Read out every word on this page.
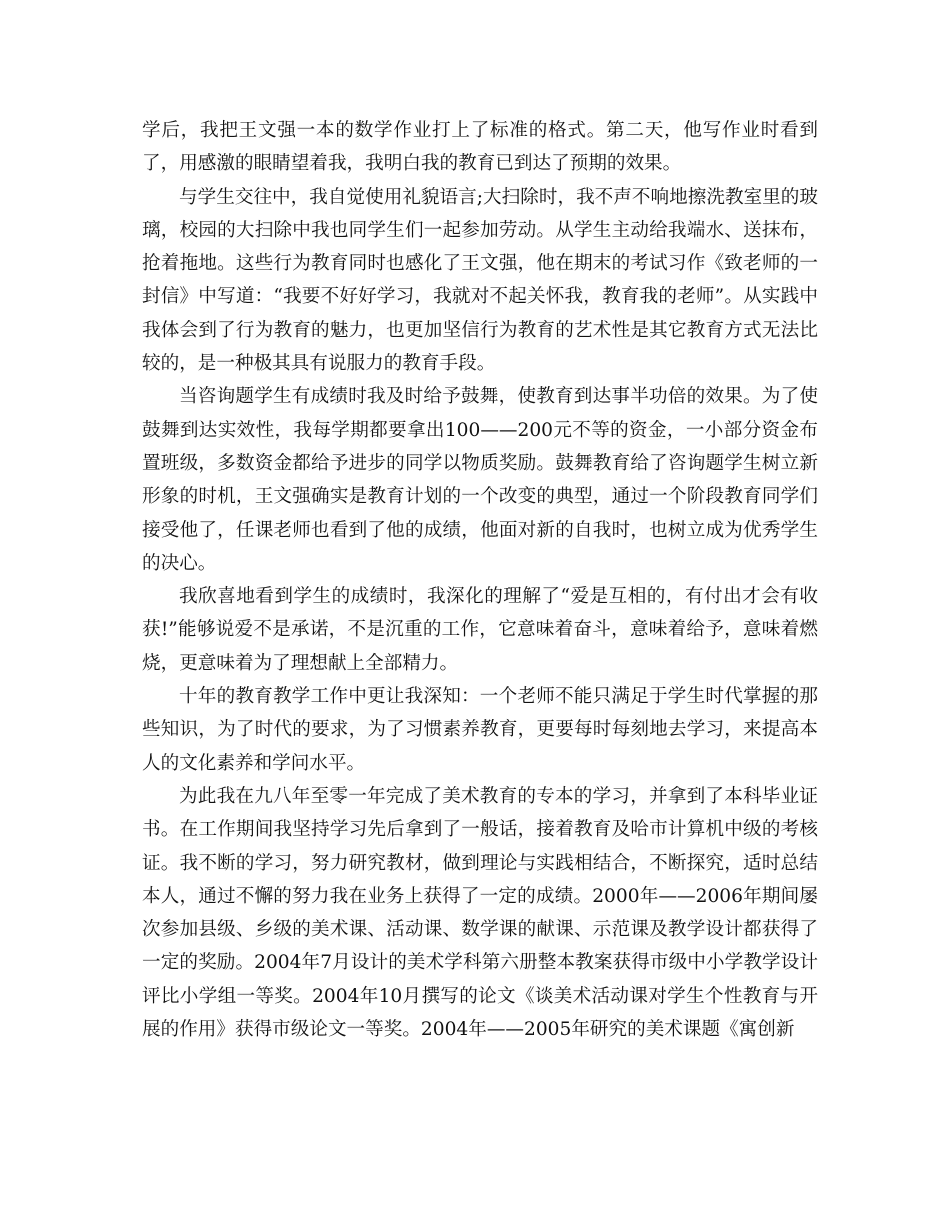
学后，我把王文强一本的数学作业打上了标准的格式。第二天，他写作业时看到了，用感激的眼睛望着我，我明白我的教育已到达了预期的效果。

与学生交往中，我自觉使用礼貌语言;大扫除时，我不声不响地擦洗教室里的玻璃，校园的大扫除中我也同学生们一起参加劳动。从学生主动给我端水、送抹布，抢着拖地。这些行为教育同时也感化了王文强，他在期末的考试习作《致老师的一封信》中写道：“我要不好好学习，我就对不起关怀我，教育我的老师”。从实践中我体会到了行为教育的魅力，也更加坚信行为教育的艺术性是其它教育方式无法比较的，是一种极其具有说服力的教育手段。

当咨询题学生有成绩时我及时给予鼓舞，使教育到达事半功倍的效果。为了使鼓舞到达实效性，我每学期都要拿出100——200元不等的资金，一小部分资金布置班级，多数资金都给予进步的同学以物质奖励。鼓舞教育给了咨询题学生树立新形象的时机，王文强确实是教育计划的一个改变的典型，通过一个阶段教育同学们接受他了，任课老师也看到了他的成绩，他面对新的自我时，也树立成为优秀学生的决心。

我欣喜地看到学生的成绩时，我深化的理解了“爱是互相的，有付出才会有收获!”能够说爱不是承诺，不是沉重的工作，它意味着奋斗，意味着给予，意味着燃烧，更意味着为了理想献上全部精力。

十年的教育教学工作中更让我深知：一个老师不能只满足于学生时代掌握的那些知识，为了时代的要求，为了习惯素养教育，更要每时每刻地去学习，来提高本人的文化素养和学问水平。

为此我在九八年至零一年完成了美术教育的专本的学习，并拿到了本科毕业证书。在工作期间我坚持学习先后拿到了一般话，接着教育及哈市计算机中级的考核证。我不断的学习，努力研究教材，做到理论与实践相结合，不断探究，适时总结本人，通过不懈的努力我在业务上获得了一定的成绩。2000年——2006年期间屡次参加县级、乡级的美术课、活动课、数学课的献课、示范课及教学设计都获得了一定的奖励。2004年7月设计的美术学科第六册整本教案获得市级中小学教学设计评比小学组一等奖。2004年10月撰写的论文《谈美术活动课对学生个性教育与开展的作用》获得市级论文一等奖。2004年——2005年研究的美术课题《寓创新
